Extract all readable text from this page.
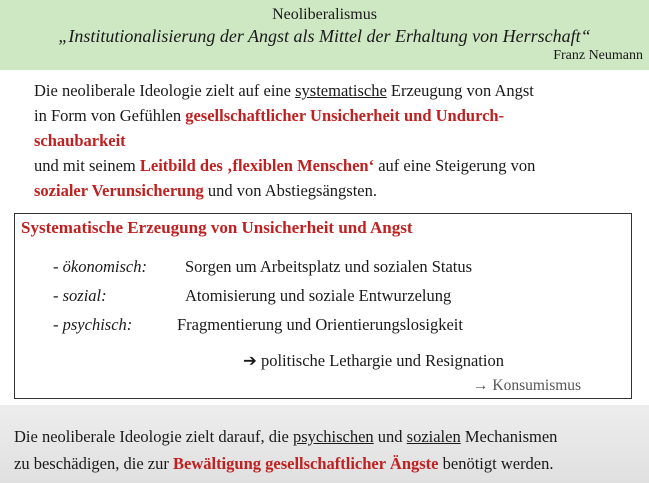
Neoliberalismus
„Institutionalisierung der Angst als Mittel der Erhaltung von Herrschaft“
Franz Neumann
Die neoliberale Ideologie zielt auf eine systematische Erzeugung von Angst
in Form von Gefühlen gesellschaftlicher Unsicherheit und Undurch-
schaubarkeit
und mit seinem Leitbild des ‚flexiblen Menschen‘ auf eine Steigerung von
sozialer Verunsicherung und von Abstiegsängsten.
Systematische Erzeugung von Unsicherheit und Angst
- ökonomisch: Sorgen um Arbeitsplatz und sozialen Status
- sozial:	Atomisierung und soziale Entwurzelung
- psychisch:	Fragmentierung und Orientierungslosigkeit
➔ politische Lethargie und Resignation
→ Konsumismus
Die neoliberale Ideologie zielt darauf, die psychischen und sozialen Mechanismen
zu beschädigen, die zur Bewältigung gesellschaftlicher Ängste benötigt werden.
